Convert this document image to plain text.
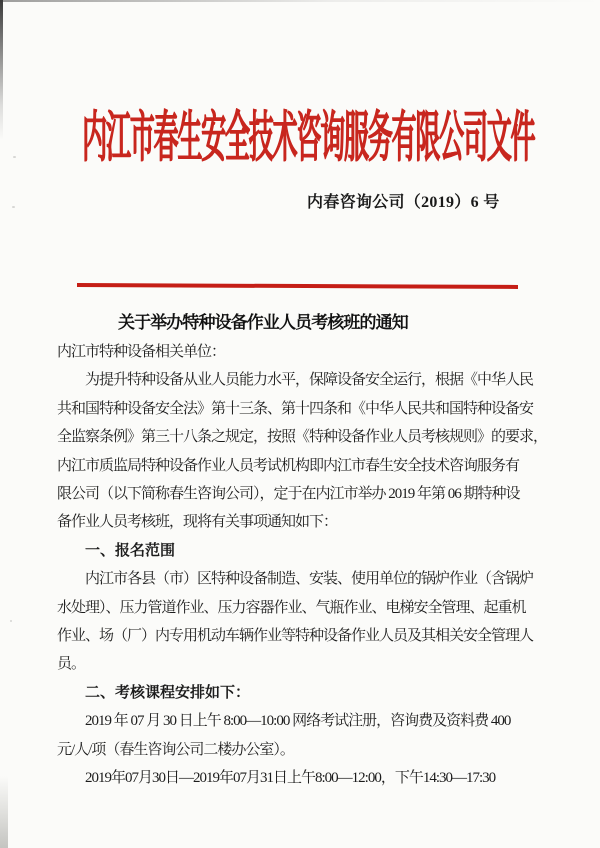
内江市春生安全技术咨询服务有限公司文件
内春咨询公司（2019）6 号
关于举办特种设备作业人员考核班的通知
内江市特种设备相关单位：
为提升特种设备从业人员能力水平，保障设备安全运行，根据《中华人民
共和国特种设备安全法》第十三条、第十四条和《中华人民共和国特种设备安
全监察条例》第三十八条之规定，按照《特种设备作业人员考核规则》的要求，
内江市质监局特种设备作业人员考试机构即内江市春生安全技术咨询服务有
限公司（以下简称春生咨询公司），定于在内江市举办 2019 年第 06 期特种设
备作业人员考核班，现将有关事项通知如下：
一、报名范围
内江市各县（市）区特种设备制造、安装、使用单位的锅炉作业（含锅炉
水处理）、压力管道作业、压力容器作业、气瓶作业、电梯安全管理、起重机
作业、场（厂）内专用机动车辆作业等特种设备作业人员及其相关安全管理人
员。
二、考核课程安排如下：
2019 年 07 月 30 日上午 8:00—10:00 网络考试注册，咨询费及资料费 400
元/人/项（春生咨询公司二楼办公室）。
2019年07月30日—2019年07月31日上午8:00—12:00，下午14:30—17:30
